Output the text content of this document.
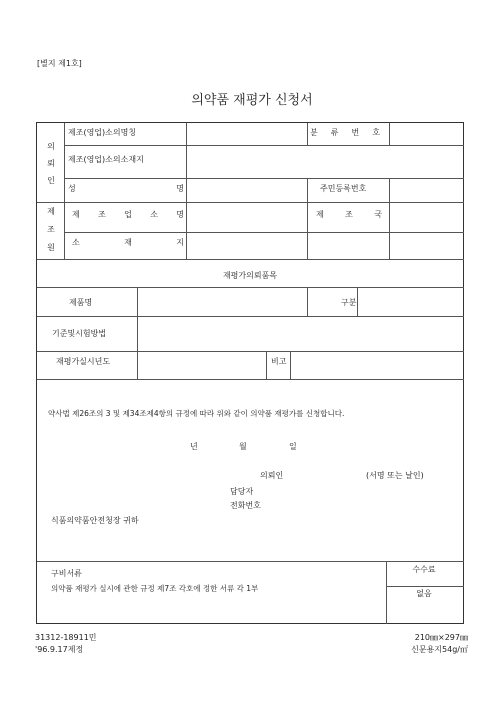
[별지 제1호]
의약품 재평가 신청서
의
뢰
인
제조(영업)소의명칭	분 류 번 호
제조(영업)소의소재지
성	명	주민등록번호
제
조
원
제 조 업 소 명	제	조	국
소	재	지
재평가의뢰품목
제품명	구분
기준및시험방법
재평가실시년도	비고
약사법 제26조의 3 및 제34조제4항의 규정에 따라 위와 같이 의약품 재평가를 신청합니다.
년	월	일
의뢰인	(서명 또는 날인)
담당자
전화번호
식품의약품안전청장 귀하
구비서류
의약품 재평가 실시에 관한 규정 제7조 각호에 정한 서류 각 1부
수수료
없음
31312-18911민
'96.9.17제정
210㎜×297㎜
신문용지54g/㎡
